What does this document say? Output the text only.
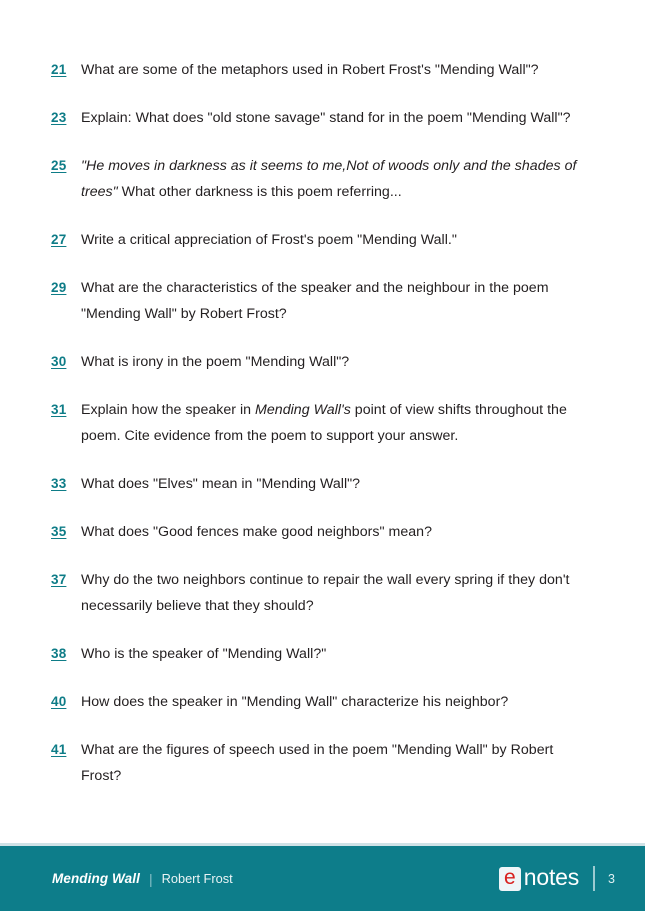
21	What are some of the metaphors used in Robert Frost's "Mending Wall"?
23	Explain: What does "old stone savage" stand for in the poem "Mending Wall"?
25	"He moves in darkness as it seems to me,Not of woods only and the shades of trees" What other darkness is this poem referring...
27	Write a critical appreciation of Frost's poem "Mending Wall."
29	What are the characteristics of the speaker and the neighbour in the poem "Mending Wall" by Robert Frost?
30	What is irony in the poem "Mending Wall"?
31	Explain how the speaker in Mending Wall's point of view shifts throughout the poem. Cite evidence from the poem to support your answer.
33	What does "Elves" mean in "Mending Wall"?
35	What does "Good fences make good neighbors" mean?
37	Why do the two neighbors continue to repair the wall every spring if they don't necessarily believe that they should?
38	Who is the speaker of "Mending Wall?"
40	How does the speaker in "Mending Wall" characterize his neighbor?
41	What are the figures of speech used in the poem "Mending Wall" by Robert Frost?
Mending Wall | Robert Frost	e notes 3
